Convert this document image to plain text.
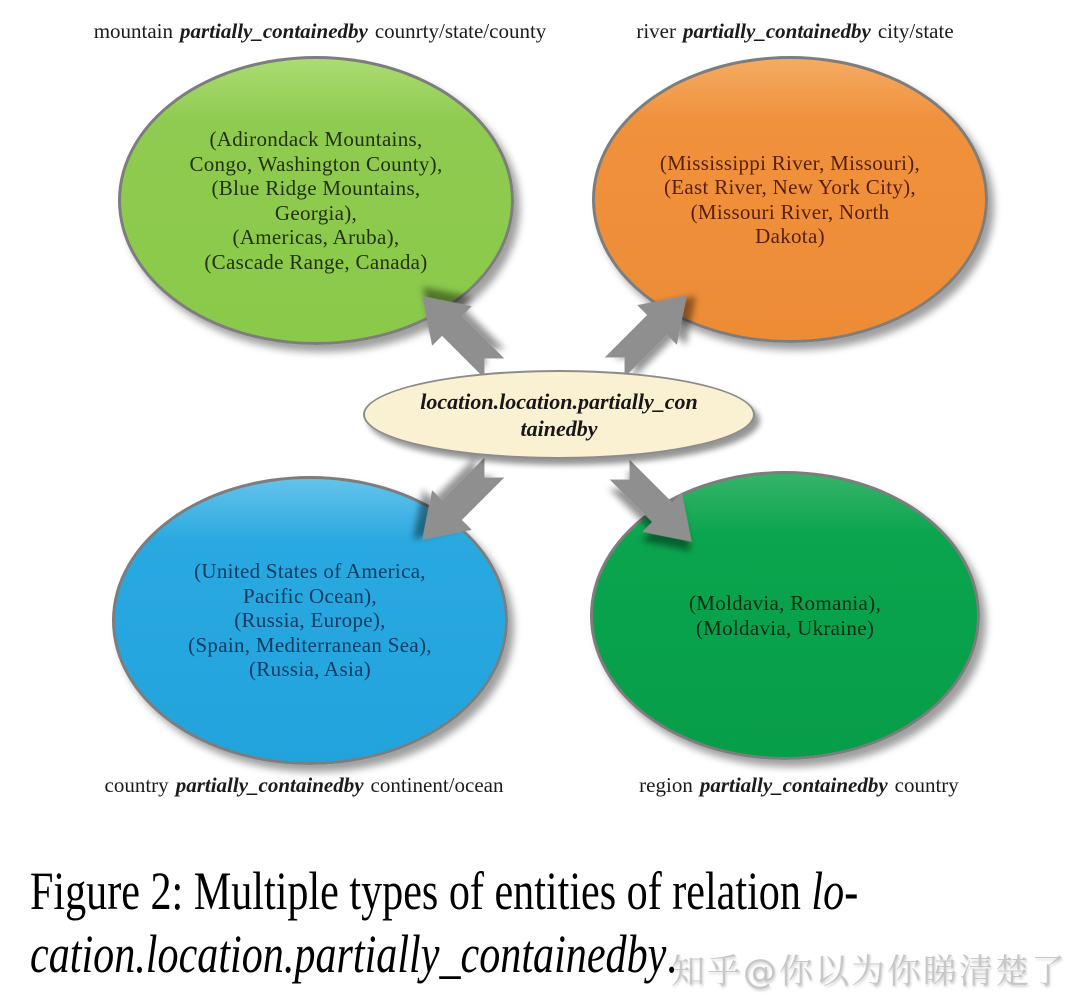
mountain partially_containedby counrty/state/county	river partially_containedby city/state
country partially_containedby continent/ocean	region partially_containedby country
(Adirondack Mountains,
Congo, Washington County),
(Blue Ridge Mountains,
Georgia),
(Americas, Aruba),
(Cascade Range, Canada)
(Mississippi River, Missouri),
(East River, New York City),
(Missouri River, North
Dakota)
(United States of America,
Pacific Ocean),
(Russia, Europe),
(Spain, Mediterranean Sea),
(Russia, Asia)
(Moldavia, Romania),
(Moldavia, Ukraine)
location.location.partially_con
tainedby
知乎@你以为你睇清楚了
Figure 2: Multiple types of entities of relation lo-
cation.location.partially_containedby.
